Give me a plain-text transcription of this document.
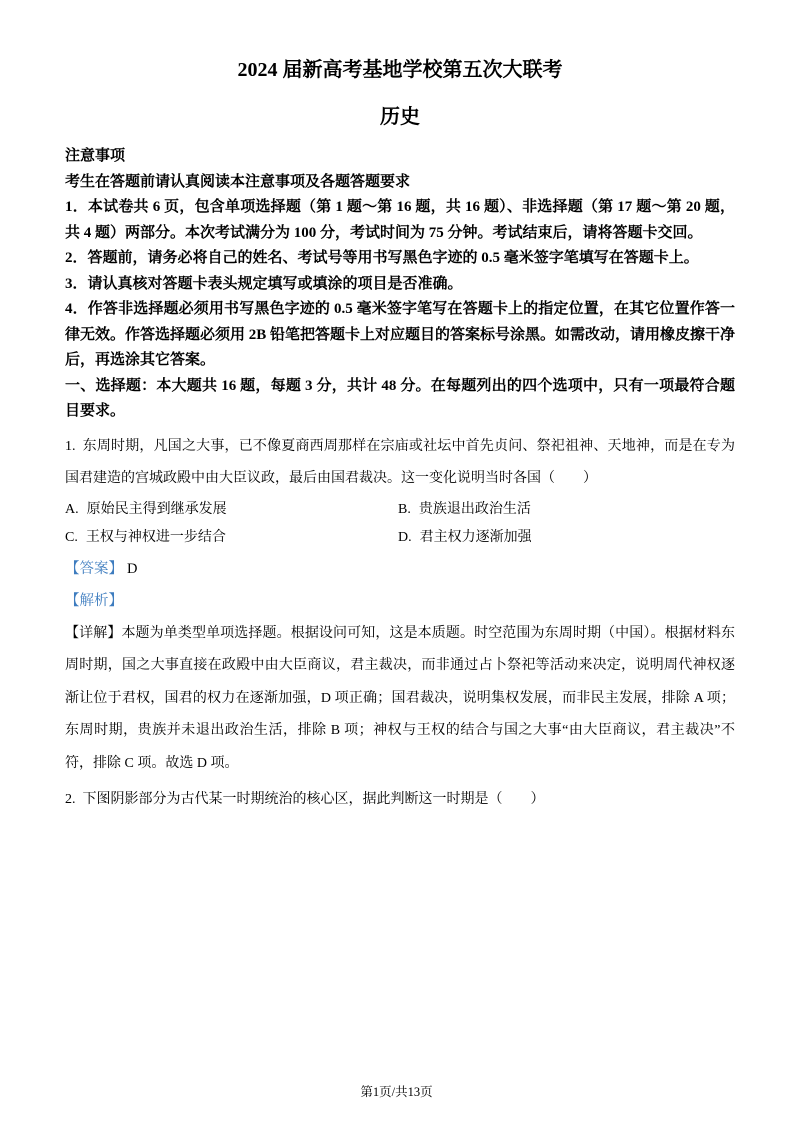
2024 届新高考基地学校第五次大联考
历史

注意事项

考生在答题前请认真阅读本注意事项及各题答题要求

1．本试卷共 6 页，包含单项选择题（第 1 题～第 16 题，共 16 题）、非选择题（第 17 题～第 20 题，共 4 题）两部分。本次考试满分为 100 分，考试时间为 75 分钟。考试结束后，请将答题卡交回。

2．答题前，请务必将自己的姓名、考试号等用书写黑色字迹的 0.5 毫米签字笔填写在答题卡上。

3．请认真核对答题卡表头规定填写或填涂的项目是否准确。

4．作答非选择题必须用书写黑色字迹的 0.5 毫米签字笔写在答题卡上的指定位置，在其它位置作答一律无效。作答选择题必须用 2B 铅笔把答题卡上对应题目的答案标号涂黑。如需改动，请用橡皮擦干净后，再选涂其它答案。

一、选择题：本大题共 16 题，每题 3 分，共计 48 分。在每题列出的四个选项中，只有一项最符合题目要求。

1. 东周时期，凡国之大事，已不像夏商西周那样在宗庙或社坛中首先贞问、祭祀祖神、天地神，而是在专为国君建造的宫城政殿中由大臣议政，最后由国君裁决。这一变化说明当时各国（　　）

A. 原始民主得到继承发展	B. 贵族退出政治生活
C. 王权与神权进一步结合	D. 君主权力逐渐加强

【答案】 D

【解析】

【详解】本题为单类型单项选择题。根据设问可知，这是本质题。时空范围为东周时期（中国）。根据材料东周时期，国之大事直接在政殿中由大臣商议，君主裁决，而非通过占卜祭祀等活动来决定，说明周代神权逐渐让位于君权，国君的权力在逐渐加强，D 项正确；国君裁决，说明集权发展，而非民主发展，排除 A 项；东周时期，贵族并未退出政治生活，排除 B 项；神权与王权的结合与国之大事“由大臣商议，君主裁决”不符，排除 C 项。故选 D 项。

2. 下图阴影部分为古代某一时期统治的核心区，据此判断这一时期是（　　）

第1页/共13页
